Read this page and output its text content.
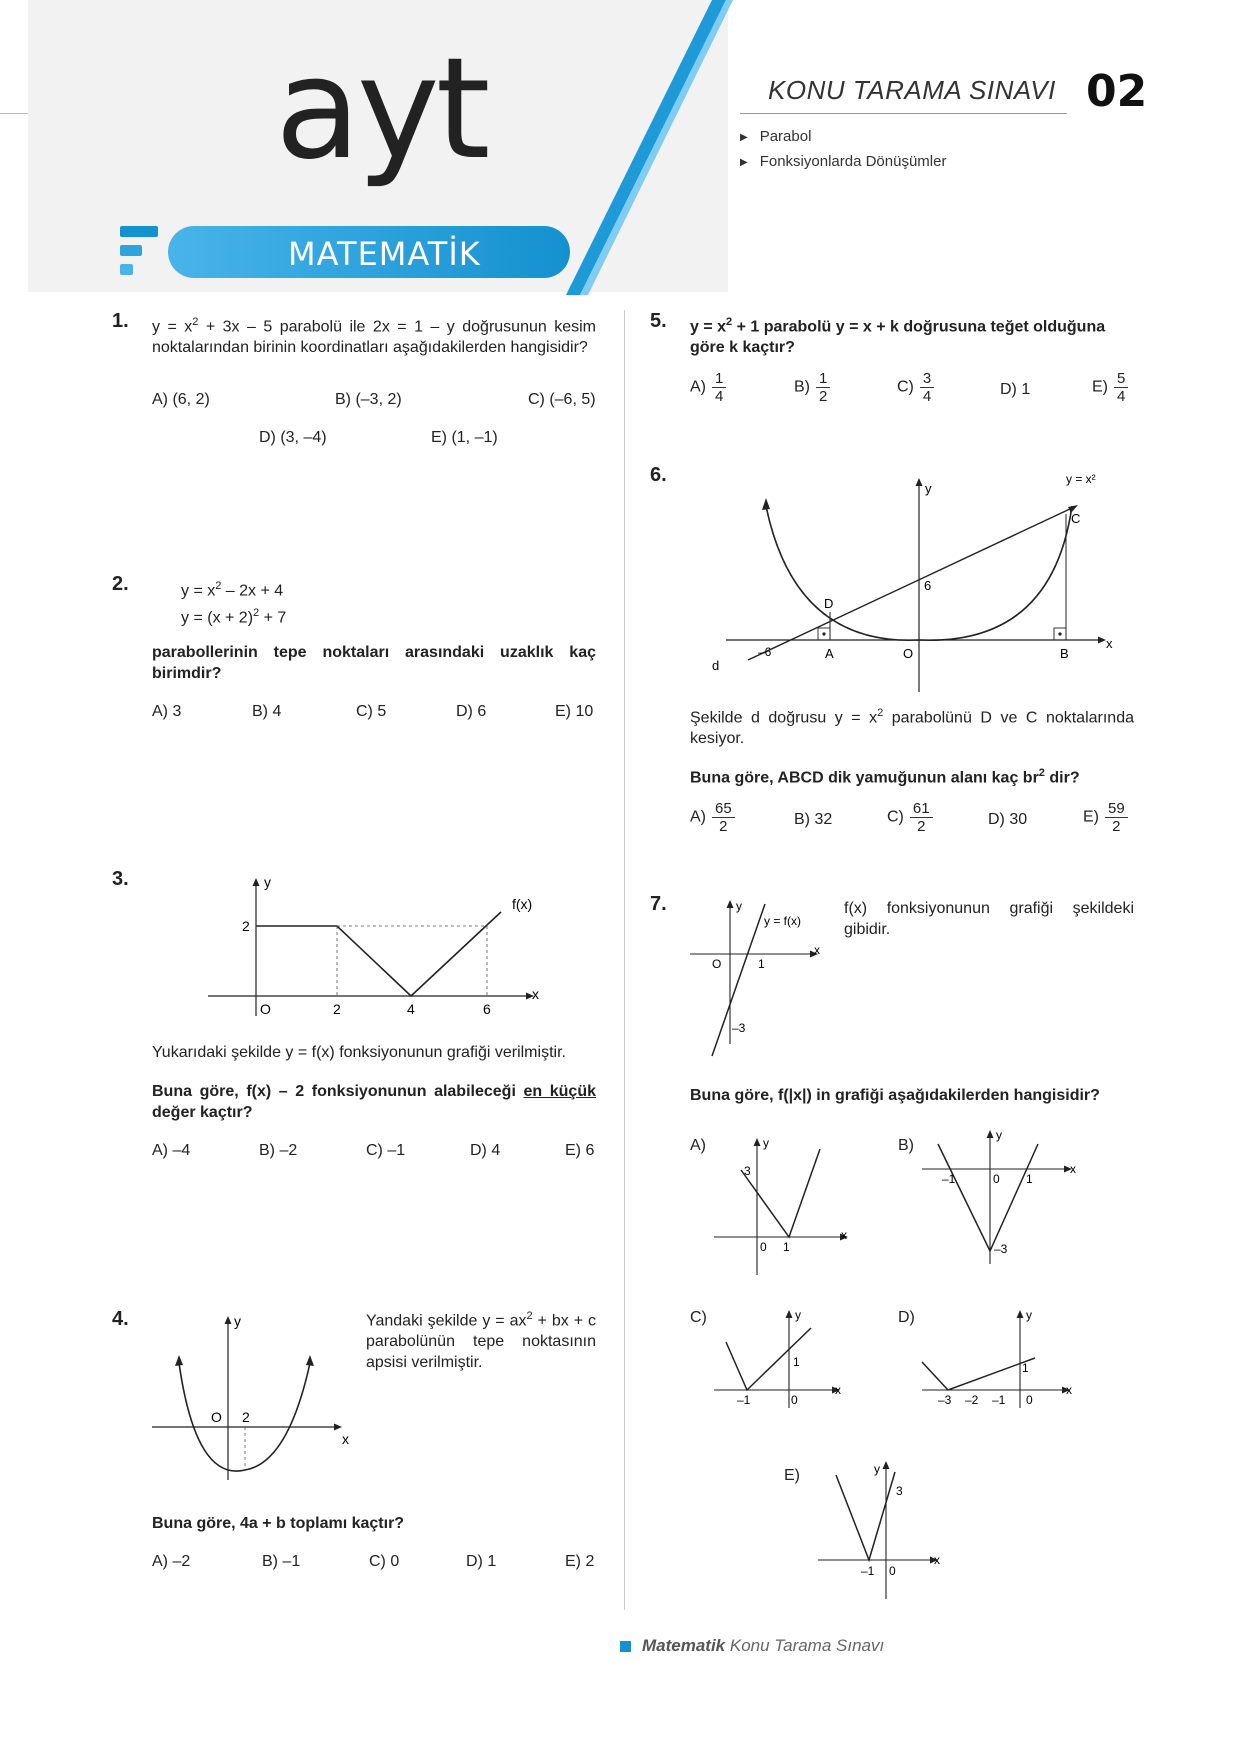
ayt
MATEMATİK
KONU TARAMA SINAVI 02
▶ Parabol
▶ Fonksiyonlarda Dönüşümler
1. $y = x^2 + 3x - 5$ parabolü ile 2x = 1 – y doğrusunun kesim noktalarından birinin koordinatları aşağıdakilerden hangisidir?
A) (6, 2)	B) (–3, 2)	C) (–6, 5)
D) (3, –4)	E) (1, –1)
2.	$y = x^2 - 2x + 4$
$y = (x + 2)^2 + 7$
parabollerinin tepe noktaları arasındaki uzaklık kaç birimdir?
A) 3	B) 4	C) 5	D) 6	E) 10
3.	y
x
O
f(x)
2
2	4	6
Yukarıdaki şekilde y = f(x) fonksiyonunun grafiği verilmiştir.
Buna göre, f(x) – 2 fonksiyonunun alabileceği en küçük değer kaçtır?
A) –4	B) –2	C) –1	D) 4	E) 6
4.	y
x
O 2
Yandaki şekilde $y = ax^2$ + bx + c parabolünün tepe noktasının apsisi verilmiştir.
Buna göre, 4a + b toplamı kaçtır?
A) –2	B) –1	C) 0	D) 1	E) 2
5. $y = x^2 + 1$ parabolü y = x + k doğrusuna teğet olduğuna göre k kaçtır?
$A) \frac{1}{4}$	$B) \frac{1}{2}$	$C) \frac{3}{4}$	D) 1	$E) \frac{5}{4}$
6.	y = x²
y
x
C
D
6
–6	A	O	B
d
Şekilde d doğrusu $y = x^2$ parabolünü D ve C noktalarında kesiyor.
Buna göre, ABCD dik yamuğunun alanı kaç $br^2$ dir?
$A) \frac{65}{2}$	B) 32	$C) \frac{61}{2}$	D) 30	$E) \frac{59}{2}$
7.	y
x
y = f(x)
O	1
–3
f(x) fonksiyonunun grafiği şekildeki gibidir.
Buna göre, f(|x|) in grafiği aşağıdakilerden hangisidir?
A)	y
x
3
0 1
B)
y
x
–1	0 1
–3
C)	y
x
1
–1	0
D)	y
x
1
–3 –2 –1 0
E)	y
x
3
–1 0
Matematik Konu Tarama Sınavı
